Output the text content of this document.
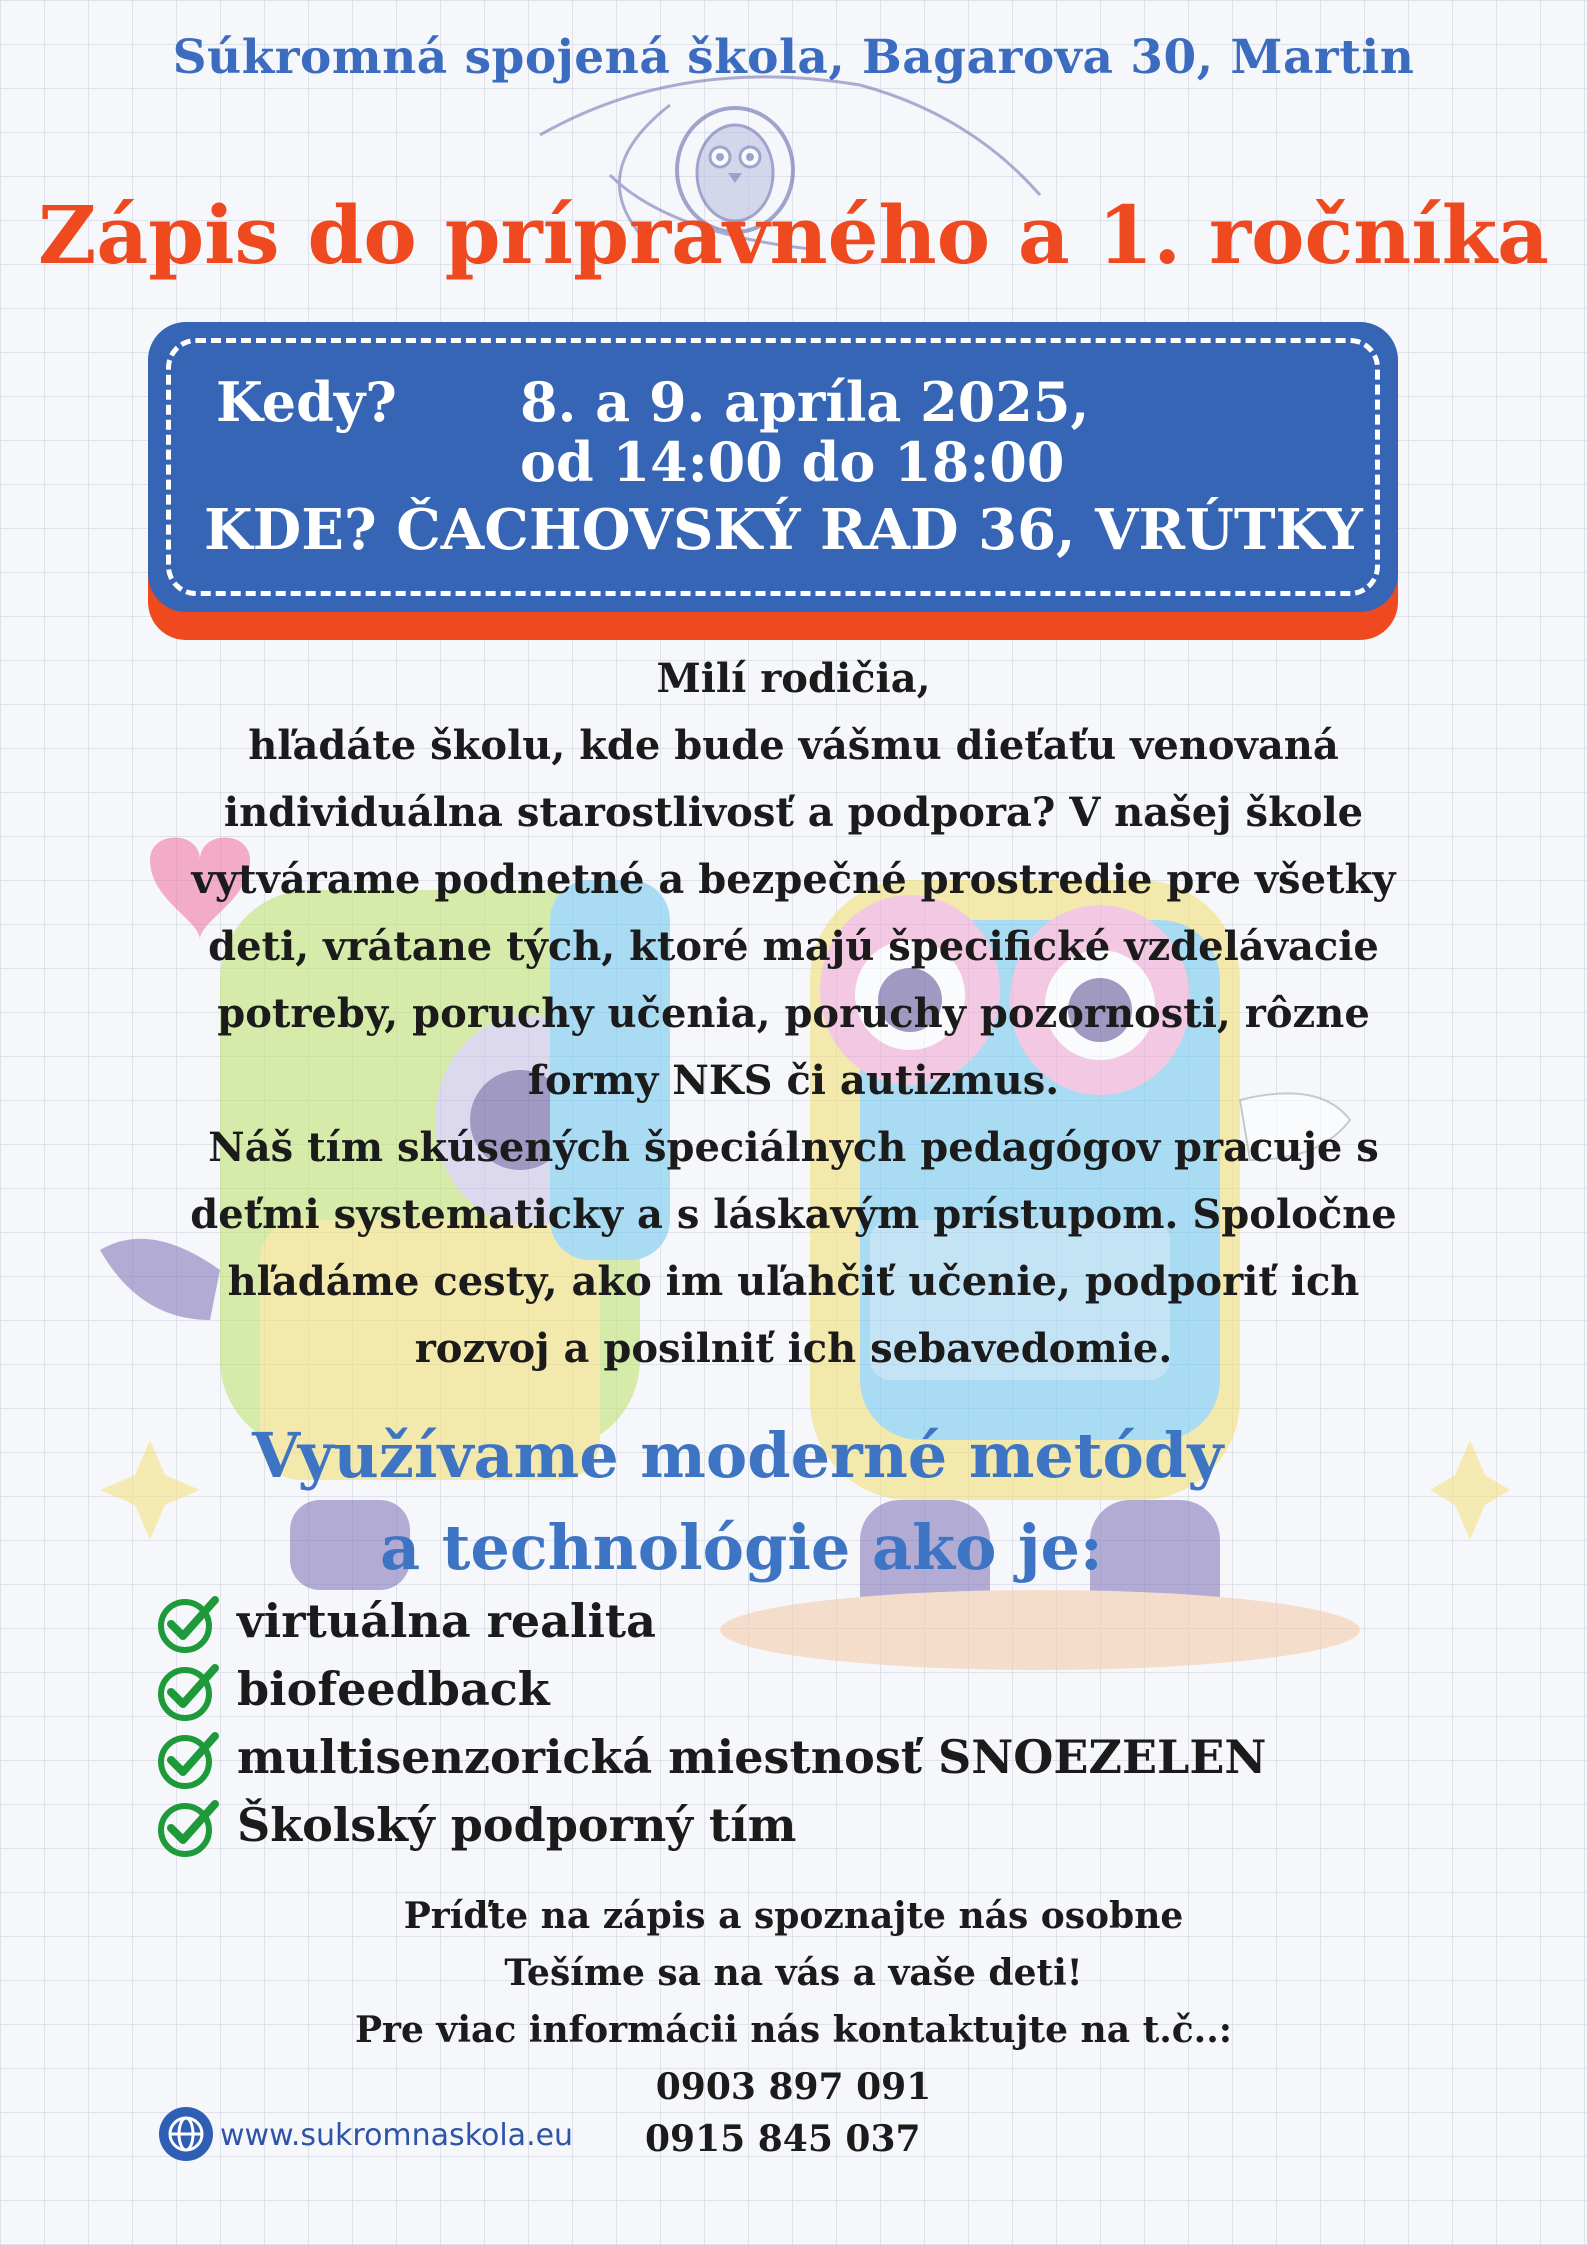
Súkromná spojená škola, Bagarova 30, Martin
Zápis do prípravného a 1. ročníka
Kedy? 8. a 9. apríla 2025,
od 14:00 do 18:00
KDE? ČACHOVSKÝ RAD 36, VRÚTKY
Milí rodičia,
hľadáte školu, kde bude vášmu dieťaťu venovaná
individuálna starostlivosť a podpora? V našej škole
vytvárame podnetné a bezpečné prostredie pre všetky
deti, vrátane tých, ktoré majú špecifické vzdelávacie
potreby, poruchy učenia, poruchy pozornosti, rôzne
formy NKS či autizmus.
Náš tím skúsených špeciálnych pedagógov pracuje s
deťmi systematicky a s láskavým prístupom. Spoločne
hľadáme cesty, ako im uľahčiť učenie, podporiť ich
rozvoj a posilniť ich sebavedomie.
Využívame moderné metódy
a technológie ako je:
virtuálna realita
biofeedback
multisenzorická miestnosť SNOEZELEN
Školský podporný tím
Príďte na zápis a spoznajte nás osobne
Tešíme sa na vás a vaše deti!
Pre viac informácii nás kontaktujte na t.č..:
0903 897 091
www.sukromnaskola.eu 0915 845 037
